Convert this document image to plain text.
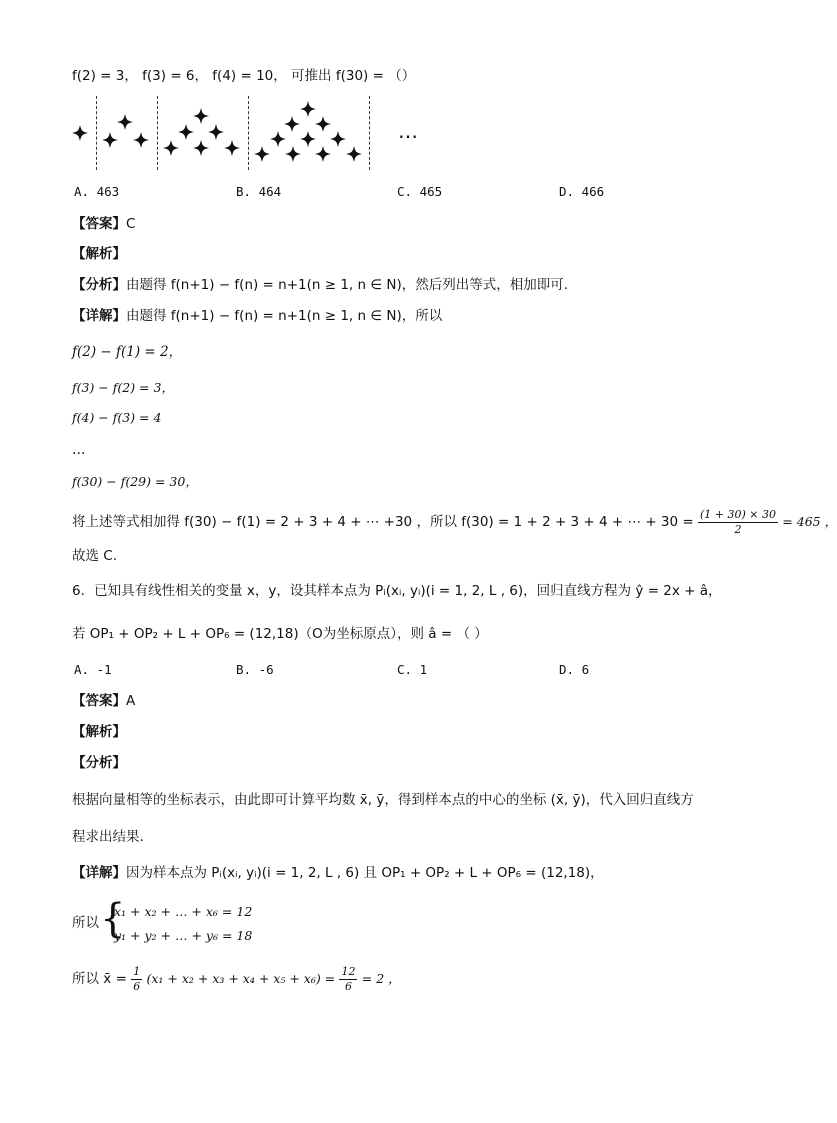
f(2) = 3， f(3) = 6， f(4) = 10， 可推出 f(30) = （）
…
A. 463	B. 464	C. 465	D. 466
【答案】C
【解析】
【分析】由题得 f(n+1) − f(n) = n+1(n ≥ 1, n ∈ N)，然后列出等式，相加即可.
【详解】由题得 f(n+1) − f(n) = n+1(n ≥ 1, n ∈ N)，所以
f(2) − f(1) = 2，
f(3) − f(2) = 3，
f(4) − f(3) = 4
…
f(30) − f(29) = 30，
将上述等式相加得 f(30) − f(1) = 2 + 3 + 4 + ⋯ +30 ，所以 f(30) = 1 + 2 + 3 + 4 + ⋯ + $30 = \frac{(1 + 30) \times 30}{2} = 465$ ，
故选 C.
6．已知具有线性相关的变量 x，y，设其样本点为 Pᵢ(xᵢ, yᵢ)(i = 1, 2, L , 6)，回归直线方程为 ŷ = 2x + â，
若 OP₁ + OP₂ + L + OP₆ = (12,18)（O为坐标原点），则 â = （ ）
A. -1	B. -6	C. 1	D. 6
【答案】A
【解析】
【分析】
根据向量相等的坐标表示，由此即可计算平均数 x̄, ȳ，得到样本点的中心的坐标 (x̄, ȳ)，代入回归直线方
程求出结果.
【详解】因为样本点为 Pᵢ(xᵢ, yᵢ)(i = 1, 2, L , 6) 且 OP₁ + OP₂ + L + OP₆ = (12,18)，
所以 {
x₁ + x₂ + … + x₆ = 12
y₁ + y₂ + … + y₆ = 18
所以 x̄ = $\frac{1}{6} (x_1 + x_2 + x_3 + x_4 + x_5 + x_6) = \frac{12}{6} = 2$ ，
